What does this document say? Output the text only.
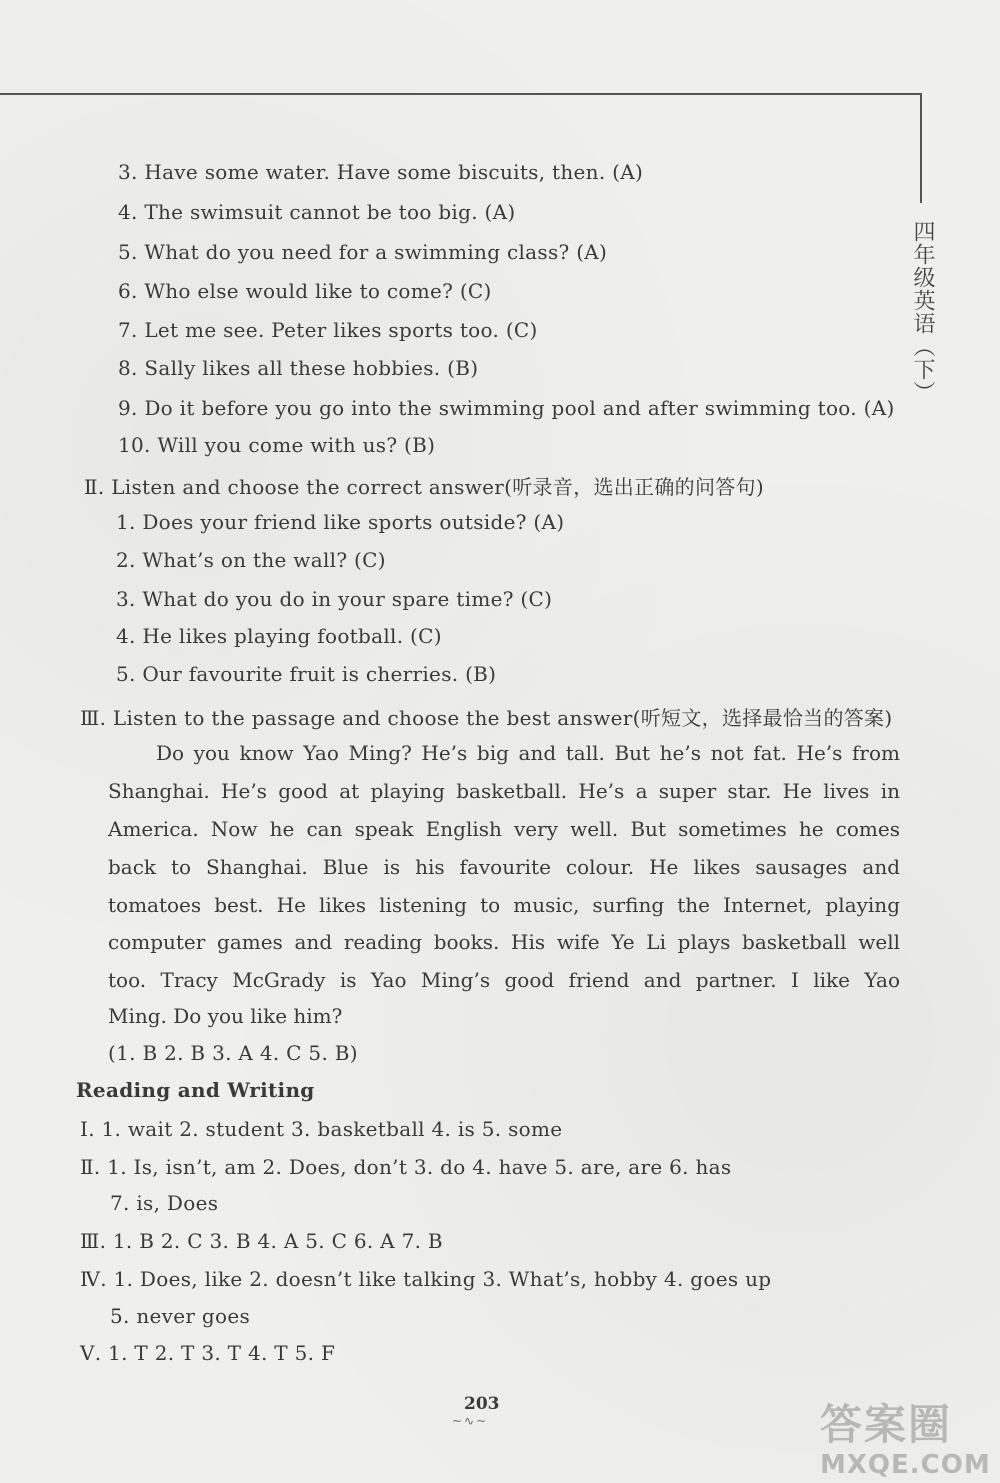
四年级英语（下）
3. Have some water. Have some biscuits, then. (A)
4. The swimsuit cannot be too big. (A)
5. What do you need for a swimming class? (A)
6. Who else would like to come? (C)
7. Let me see. Peter likes sports too. (C)
8. Sally likes all these hobbies. (B)
9. Do it before you go into the swimming pool and after swimming too. (A)
10. Will you come with us? (B)
Ⅱ. Listen and choose the correct answer(听录音，选出正确的问答句)
1. Does your friend like sports outside? (A)
2. What’s on the wall? (C)
3. What do you do in your spare time? (C)
4. He likes playing football. (C)
5. Our favourite fruit is cherries. (B)
Ⅲ. Listen to the passage and choose the best answer(听短文，选择最恰当的答案)
Do you know Yao Ming? He’s big and tall. But he’s not fat. He’s from
Shanghai. He’s good at playing basketball. He’s a super star. He lives in
America. Now he can speak English very well. But sometimes he comes
back to Shanghai. Blue is his favourite colour. He likes sausages and
tomatoes best. He likes listening to music, surfing the Internet, playing
computer games and reading books. His wife Ye Li plays basketball well
too. Tracy McGrady is Yao Ming’s good friend and partner. I like Yao
Ming. Do you like him?
(1. B 2. B 3. A 4. C 5. B)
Reading and Writing
Ⅰ. 1. wait 2. student 3. basketball 4. is 5. some
Ⅱ. 1. Is, isn’t, am 2. Does, don’t 3. do 4. have 5. are, are 6. has
7. is, Does
Ⅲ. 1. B 2. C 3. B 4. A 5. C 6. A 7. B
Ⅳ. 1. Does, like 2. doesn’t like talking 3. What’s, hobby 4. goes up
5. never goes
Ⅴ. 1. T 2. T 3. T 4. T 5. F
203
~∿~	答案圈
MXQE.COM
